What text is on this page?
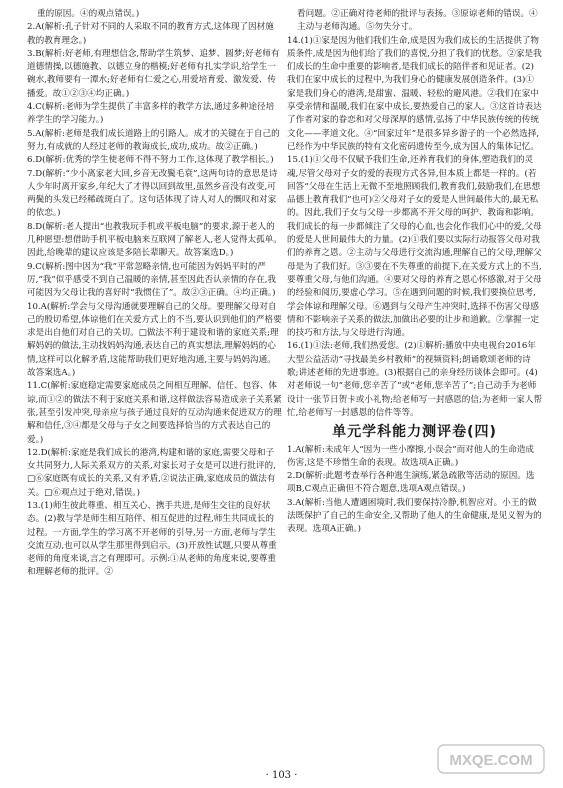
重的原因。④的观点错误。)

2.A(解析:孔子针对不同的人采取不同的教育方式,这体现了因材施教的教育理念。)

3.B(解析:好老师,有理想信念,帮助学生筑梦、追梦、圆梦;好老师有道德情操,以德施教、以德立身的楷模;好老师有扎实学识,给学生一碗水,教师要有一潭水;好老师有仁爱之心,用爱培育爱、激发爱、传播爱。故①②③④均正确。)

4.C(解析:老师为学生提供了丰富多样的教学方法,通过多种途径培养学生的学习能力。)

5.A(解析:老师是我们成长道路上的引路人。成才的关键在于自己的努力,有成就的人经过老师的教诲成长,成功,成功。故②正确。)

6.D(解析:优秀的学生使老师不得不努力工作,这体现了教学相长。)

7.D(解析:“少小离家老大回,乡音无改鬓毛衰”,这两句诗的意思是诗人少年时离开家乡,年纪大了才得以回到故里,虽然乡音没有改变,可两鬓的头发已经稀疏斑白了。这句话体现了诗人对人的慨叹和对家的依恋。)

8.D(解析:老人提出“也教我玩手机或平板电脑”的要求,源于老人的几种愿望:想借助手机平板电脑来互联网了解老人,老人觉得太孤单。因此,给晚辈的建议应该是多陪长辈聊天。故答案选D。)

9.C(解析:图中因为“我”平常忽略亲情,也可能因为妈妈平时的严厉,“我”似乎感受不到自己温暖的亲情,甚至因此否认亲情的存在,我可能因为父母让我的喜好时“我惯住了”。故②③正确。④均正确。)

10.A(解析:学会与父母沟通就要理解自己的父母。要理解父母对自己的殷切希望,体谅他们在关爱方式上的不当,要认识到他们的严格要求是出自他们对自己的关切。□做法不利于建设和谐的家庭关系;理解妈妈的做法,主动找妈妈沟通,表达自己的真实想法,理解妈妈的心情,这样可以化解矛盾,这能帮助我们更好地沟通,主要与妈妈沟通。故答案选A。)

11.C(解析:家庭稳定需要家庭成员之间相互理解、信任、包容、体谅,而①②的做法不利于家庭关系和谐,这样做法容易造成亲子关系紧张,甚至引发冲突,母亲应与孩子通过良好的互动沟通来促进双方的理解和信任,③④都是父母与子女之间要选择恰当的方式表达自己的爱。)

12.D(解析:家庭是我们成长的港湾,构建和谐的家庭,需要父母和子女共同努力,人际关系双方的关系,对家长对子女是可以进行批评的,□⑥家庭既有成长的关系,又有矛盾,②说法正确,家庭成员的做法有关。□⑥观点过于绝对,错误。)

13.(1)师生彼此尊重、相互关心、携手共进,是师生交往的良好状态。(2)教与学是师生相互陪伴、相互促进的过程,师生共同成长的过程。一方面,学生的学习离不开老师的引导,另一方面,老师与学生交流互动,也可以从学生那里得到启示。(3)开放性试题,只要从尊重老师的角度来谈,言之有理即可。示例:①从老师的角度来说,要尊重和理解老师的批评。②

看问题。②正确对待老师的批评与表扬。③原谅老师的错误。④主动与老师沟通。⑤勿失分寸。

14.(1)①家是因为他们我们生命,成是因为我们成长的生活提供了物质条件,成是因为他们给了我们的喜悦,分担了我们的忧愁。②家是我们成长的生命中重要的影响者,是我们成长的陪伴者和见证者。(2)我们在家中成长的过程中,为我们身心的健康发展创造条件。(3)①家是我们身心的港湾,是甜蜜、温暖、轻松的避风港。②我们在家中享受亲情和温暖,我们在家中成长,要热爱自己的家人。③这首诗表达了作者对家的眷恋和对父母深厚的感情,弘扬了中华民族传统的传统文化——孝道文化。④“回家过年”是很多异乡游子的一个必然选择,已经作为中华民族的特有文化密码遗传至今,成为国人的集体记忆。

15.(1)①父母不仅赋予我们生命,还养育我们的身体,塑造我们的灵魂,尽管父母对子女的爱的表现方式各异,但本质上都是一样的。(若回答“父母在生活上无微不至地照顾我们,教育我们,鼓励我们,在思想品德上教育我们”也可)②父母对子女的爱是人世间最伟大的,最无私的。因此,我们子女与父母一步都离不开父母的呵护、教诲和影响。我们成长的每一步都倾注了父母的心血,也会化作我们心中的爱,父母的爱是人世间最伟大的力量。(2)①我们要以实际行动报答父母对我们的养育之恩。②主动与父母进行交流沟通,理解自己的父母,理解父母是为了我们好。③③要在不失尊重的前提下,在关爱方式上的不当,要尊重父母,与他们沟通。④要对父母的养育之恩心怀感激,对于父母的经验和阅历,要虚心学习。⑤在遇到问题的时候,我们要换位思考,学会体谅和理解父母。⑥遇到与父母产生冲突时,选择不伤害父母感情和不影响亲子关系的做法,加做出必要的让步和道歉。⑦掌握一定的技巧和方法,与父母进行沟通。

16.(1)①法:老师,我们热爱您。(2)①解析:播放中央电视台2016年大型公益活动“寻找最美乡村教师”的视频资料;朗诵歌颂老师的诗歌;讲述老师的先进事迹。(3)根据自己的亲身经历谈体会即可。(4)对老师说一句“老师,您辛苦了”或“老师,您辛苦了”;自己动手为老师设计一张节日贺卡或小礼物;给老师写一封感恩的信;为老师一家人帮忙,给老师写一封感恩的信件等等。

单元学科能力测评卷(四)

1.A(解析:未成年人“因为一些小摩擦,小误会”而对他人的生命造成伤害,这是不珍惜生命的表现。故选项A正确。)

2.D(解析:此题考查举行各种逃生演练,紧急疏散等活动的原因。选项B,C观点正确但不符合题意,选项A观点错误。)

3.A(解析:当他人遭遇困境时,我们要保持冷静,机智应对。小王的做法既保护了自己的生命安全,又帮助了他人的生命健康,是见义智为的表现。选项A正确。)

· 103 ·
MXQE.COM
